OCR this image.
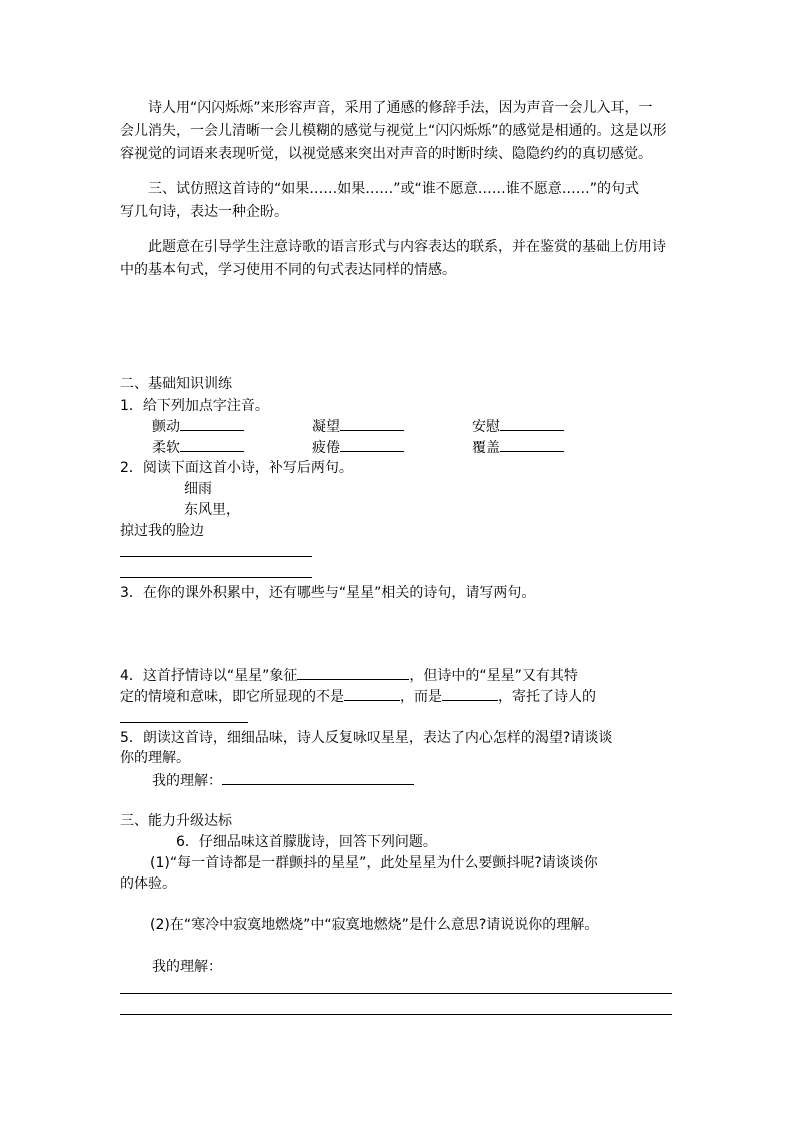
诗人用“闪闪烁烁”来形容声音，采用了通感的修辞手法，因为声音一会儿入耳，一
会儿消失，一会儿清晰一会儿模糊的感觉与视觉上“闪闪烁烁”的感觉是相通的。这是以形
容视觉的词语来表现听觉，以视觉感来突出对声音的时断时续、隐隐约约的真切感觉。
三、试仿照这首诗的“如果……如果……”或“谁不愿意……谁不愿意……”的句式
写几句诗，表达一种企盼。
此题意在引导学生注意诗歌的语言形式与内容表达的联系，并在鉴赏的基础上仿用诗
中的基本句式，学习使用不同的句式表达同样的情感。
二、基础知识训练
1．给下列加点字注音。
颤动	凝望	安慰
柔软	疲倦	覆盖
2．阅读下面这首小诗，补写后两句。
细雨
东风里，
掠过我的脸边
3．在你的课外积累中，还有哪些与“星星”相关的诗句，请写两句。
4．这首抒情诗以“星星”象征	，但诗中的“星星”又有其特
定的情境和意味，即它所显现的不是	，而是	，寄托了诗人的
5．朗读这首诗，细细品味，诗人反复咏叹星星，表达了内心怎样的渴望?请谈谈
你的理解。
我的理解：
三、能力升级达标
6．仔细品味这首朦胧诗，回答下列问题。
(1)“每一首诗都是一群颤抖的星星”，此处星星为什么要颤抖呢?请谈谈你
的体验。
(2)在“寒冷中寂寞地燃烧”中“寂寞地燃烧”是什么意思?请说说你的理解。
我的理解：
